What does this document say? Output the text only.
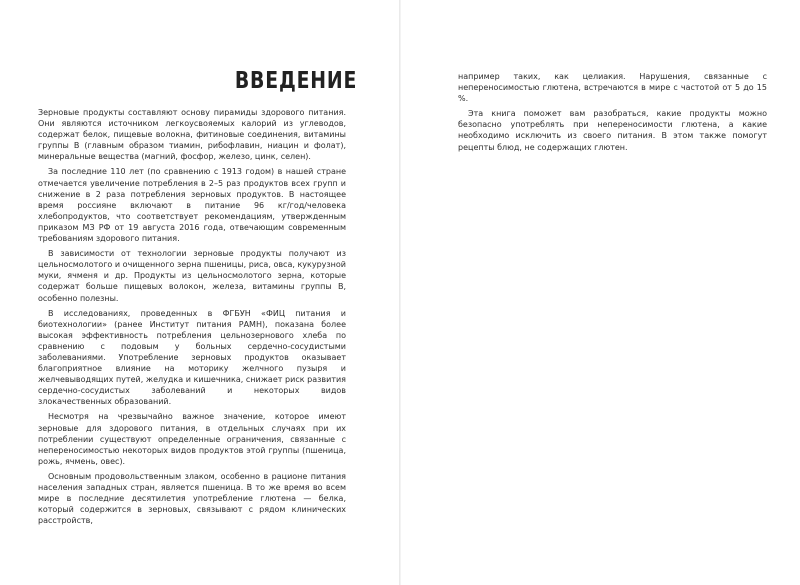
ВВЕДЕНИЕ

Зерновые продукты составляют основу пирамиды здорового питания. Они являются источником легкоусвояемых калорий из углеводов, содержат белок, пищевые волокна, фитиновые соединения, витамины группы В (главным образом тиамин, рибофлавин, ниацин и фолат), минеральные вещества (магний, фосфор, железо, цинк, селен).

За последние 110 лет (по сравнению с 1913 годом) в нашей стране отмечается увеличение потребления в 2–5 раз продуктов всех групп и снижение в 2 раза потребления зерновых продуктов. В настоящее время россияне включают в питание 96 кг/год/человека хлебопродуктов, что соответствует рекомендациям, утвержденным приказом МЗ РФ от 19 августа 2016 года, отвечающим современным требованиям здорового питания.

В зависимости от технологии зерновые продукты получают из цельносмолотого и очищенного зерна пшеницы, риса, овса, кукурузной муки, ячменя и др. Продукты из цельносмолотого зерна, которые содержат больше пищевых волокон, железа, витамины группы В, особенно полезны.

В исследованиях, проведенных в ФГБУН «ФИЦ питания и биотехнологии» (ранее Институт питания РАМН), показана более высокая эффективность потребления цельнозернового хлеба по сравнению с подовым у больных сердечно-сосудистыми заболеваниями. Употребление зерновых продуктов оказывает благоприятное влияние на моторику желчного пузыря и желчевыводящих путей, желудка и кишечника, снижает риск развития сердечно-сосудистых заболеваний и некоторых видов злокачественных образований.

Несмотря на чрезвычайно важное значение, которое имеют зерновые для здорового питания, в отдельных случаях при их потреблении существуют определенные ограничения, связанные с непереносимостью некоторых видов продуктов этой группы (пшеница, рожь, ячмень, овес).

Основным продовольственным злаком, особенно в рационе питания населения западных стран, является пшеница. В то же время во всем мире в последние десятилетия употребление глютена — белка, который содержится в зерновых, связывают с рядом клинических расстройств,

например таких, как целиакия. Нарушения, связанные с непереносимостью глютена, встречаются в мире с частотой от 5 до 15 %.

Эта книга поможет вам разобраться, какие продукты можно безопасно употреблять при непереносимости глютена, а какие необходимо исключить из своего питания. В этом также помогут рецепты блюд, не содержащих глютен.
